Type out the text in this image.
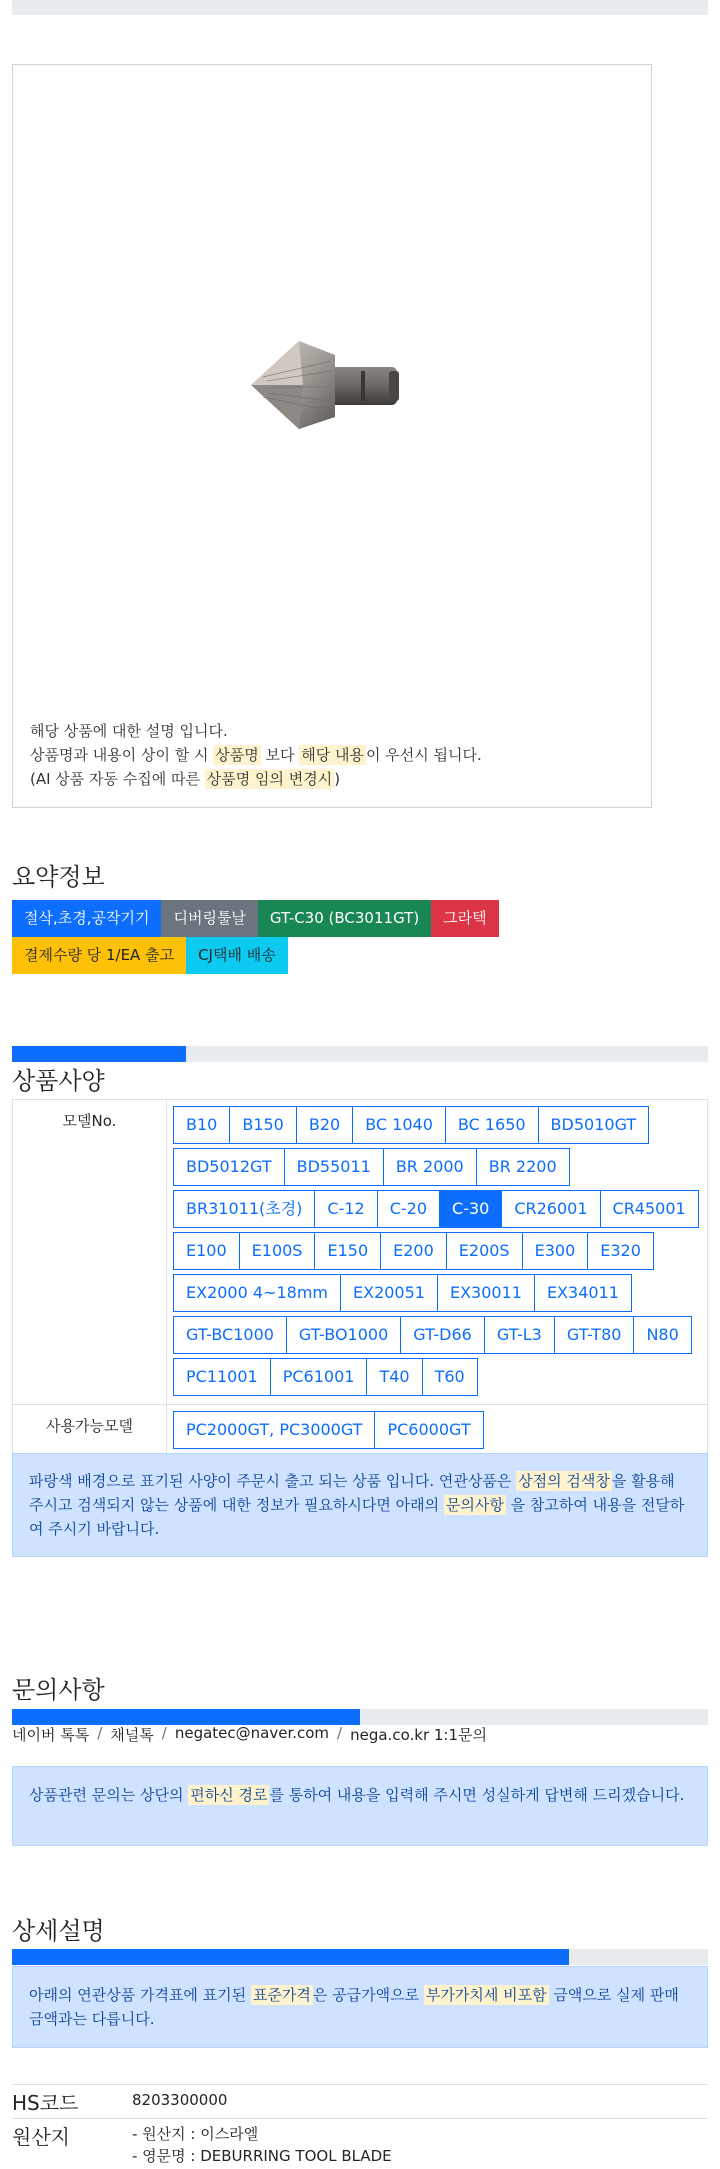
해당 상품에 대한 설명 입니다.
상품명과 내용이 상이 할 시 상품명 보다 해당 내용 이 우선시 됩니다.
(AI 상품 자동 수집에 따른 상품명 임의 변경시 )
요약정보
절삭,초경,공작기기	디버링툴날	GT-C30 (BC3011GT)	그라텍
결제수량 당 1/EA 출고	CJ택배 배송
상품사양
모델No.	B10	B150	B20	BC 1040	BC 1650	BD5010GT
BD5012GT	BD55011	BR 2000	BR 2200
BR31011(초경)	C-12	C-20	C-30	CR26001	CR45001
E100	E100S	E150	E200	E200S	E300	E320
EX2000 4~18mm	EX20051	EX30011	EX34011
GT-BC1000	GT-BO1000	GT-D66	GT-L3	GT-T80	N80
PC11001	PC61001	T40	T60
사용가능모델	PC2000GT, PC3000GT	PC6000GT
파랑색 배경으로 표기된 사양이 주문시 출고 되는 상품 입니다. 연관상품은 상점의 검색창 을 활용해 주시고 검색되지 않는 상품에 대한 정보가 필요하시다면 아래의 문의사항 을 참고하여 내용을 전달하여 주시기 바랍니다.
문의사항
네이버 톡톡 / 채널톡 / negatec@naver.com / nega.co.kr 1:1문의
상품관련 문의는 상단의 편하신 경로 를 통하여 내용을 입력해 주시면 성실하게 답변해 드리겠습니다.
상세설명
아래의 연관상품 가격표에 표기된 표준가격 은 공급가액으로 부가가치세 비포함 금액으로 실제 판매금액과는 다릅니다.
HS코드	8203300000
원산지	- 원산지 : 이스라엘
- 영문명 : DEBURRING TOOL BLADE
